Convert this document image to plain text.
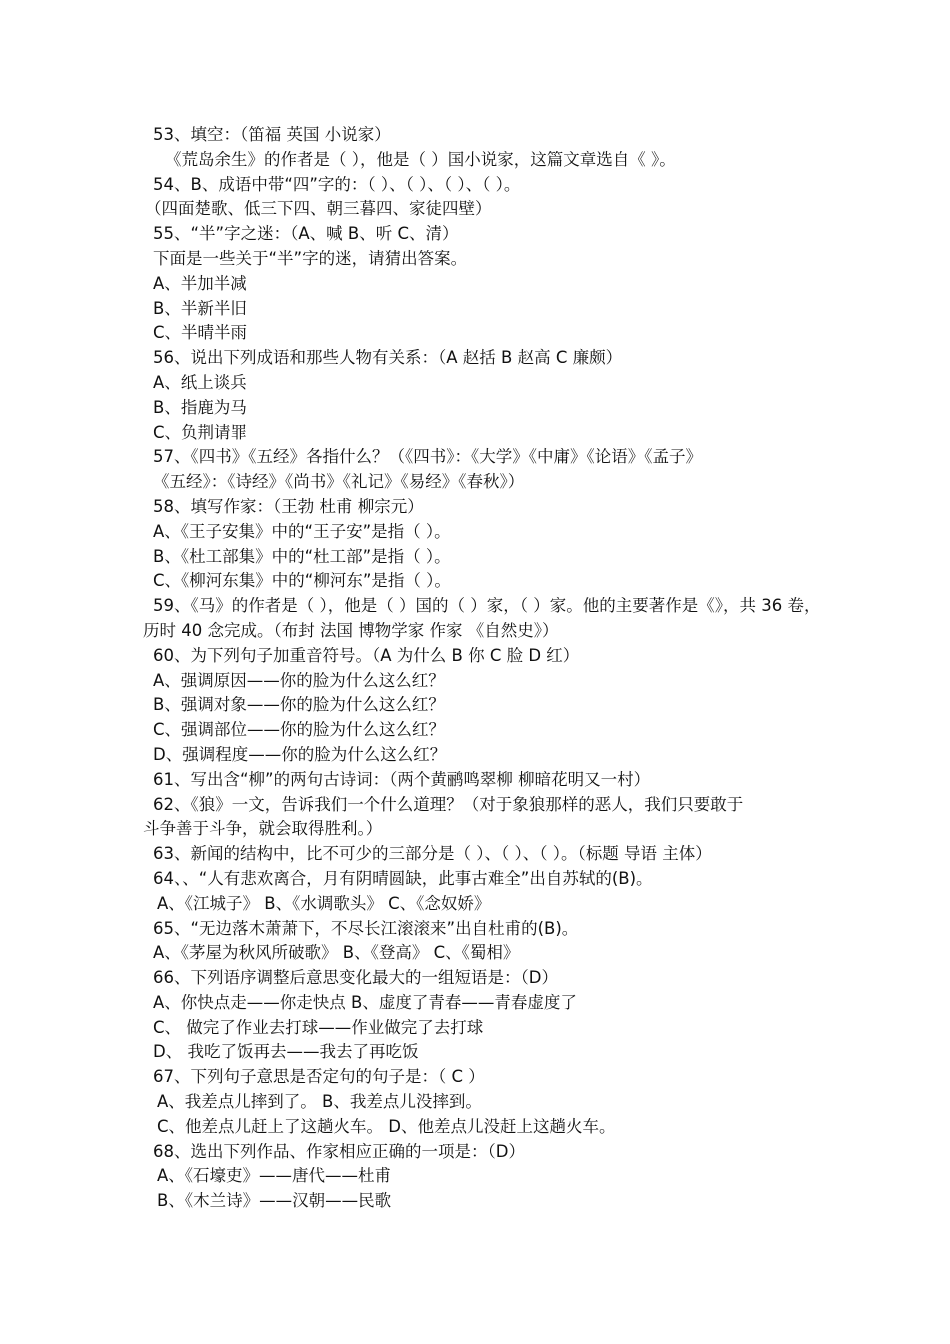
53、填空：（笛福 英国 小说家）
《荒岛余生》的作者是（ ），他是（ ）国小说家，这篇文章选自《 》。
54、B、成语中带“四”字的：（ ）、（ ）、（ ）、（ ）。
（四面楚歌、低三下四、朝三暮四、家徒四壁）
55、“半”字之迷：（A、喊 B、听 C、清）
下面是一些关于“半”字的迷，请猜出答案。
A、半加半减
B、半新半旧
C、半晴半雨
56、说出下列成语和那些人物有关系：（A 赵括 B 赵高 C 廉颇）
A、纸上谈兵
B、指鹿为马
C、负荆请罪
57、《四书》《五经》各指什么？（《四书》：《大学》《中庸》《论语》《孟子》
《五经》：《诗经》《尚书》《礼记》《易经》《春秋》）
58、填写作家：（王勃 杜甫 柳宗元）
A、《王子安集》中的“王子安”是指（ ）。
B、《杜工部集》中的“杜工部”是指（ ）。
C、《柳河东集》中的“柳河东”是指（ ）。
59、《马》的作者是（ ），他是（ ）国的（ ）家，（ ）家。他的主要著作是《》，共 36 卷，
历时 40 念完成。（布封 法国 博物学家 作家 《自然史》）
60、为下列句子加重音符号。（A 为什么 B 你 C 脸 D 红）
A、强调原因——你的脸为什么这么红？
B、强调对象——你的脸为什么这么红？
C、强调部位——你的脸为什么这么红？
D、强调程度——你的脸为什么这么红？
61、写出含“柳”的两句古诗词：（两个黄鹂鸣翠柳 柳暗花明又一村）
62、《狼》一文，告诉我们一个什么道理？（对于象狼那样的恶人，我们只要敢于
斗争善于斗争，就会取得胜利。）
63、新闻的结构中，比不可少的三部分是（ ）、（ ）、（ ）。（标题 导语 主体）
64、、“人有悲欢离合，月有阴晴圆缺，此事古难全”出自苏轼的(B)。
A、《江城子》 B、《水调歌头》 C、《念奴娇》
65、“无边落木萧萧下，不尽长江滚滚来”出自杜甫的(B)。
A、《茅屋为秋风所破歌》 B、《登高》 C、《蜀相》
66、下列语序调整后意思变化最大的一组短语是：（D）
A、你快点走——你走快点 B、虚度了青春——青春虚度了
C、 做完了作业去打球——作业做完了去打球
D、 我吃了饭再去——我去了再吃饭
67、下列句子意思是否定句的句子是：（ C ）
A、我差点儿摔到了。 B、我差点儿没摔到。
C、他差点儿赶上了这趟火车。 D、他差点儿没赶上这趟火车。
68、选出下列作品、作家相应正确的一项是：（D）
A、《石壕吏》——唐代——杜甫
B、《木兰诗》——汉朝——民歌
